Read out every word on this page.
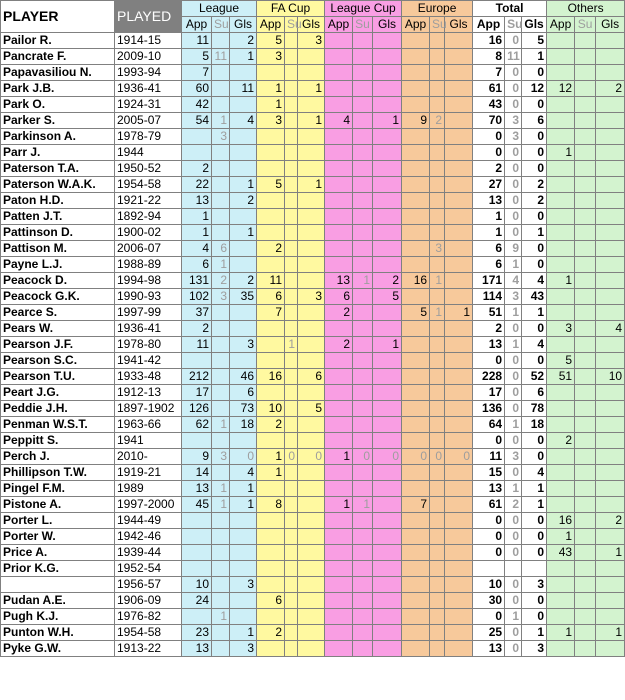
PLAYER	PLAYED	League			FA Cup			League Cup			Europe			Total			Others		
		App	Su	Gls	App	Su	Gls	App	Su	Gls	App	Su	Gls	App	Su	Gls	App	Su	Gls
Pailor R.	1914-15	11		2	5		3							16	0	5			
Pancrate F.	2009-10	5	11	1	3									8	11	1			
Papavasiliou N.	1993-94	7												7	0	0			
Park J.B.	1936-41	60		11	1		1							61	0	12	12		2
Park O.	1924-31	42			1									43	0	0			
Parker S.	2005-07	54	1	4	3		1	4		1	9	2		70	3	6			
Parkinson A.	1978-79		3											0	3	0			
Parr J.	1944													0	0	0	1		
Paterson T.A.	1950-52	2												2	0	0			
Paterson W.A.K.	1954-58	22		1	5		1							27	0	2			
Paton H.D.	1921-22	13		2										13	0	2			
Patten J.T.	1892-94	1												1	0	0			
Pattinson D.	1900-02	1		1										1	0	1			
Pattison M.	2006-07	4	6		2							3		6	9	0			
Payne L.J.	1988-89	6	1											6	1	0			
Peacock D.	1994-98	131	2	2	11			13	1	2	16	1		171	4	4	1		
Peacock G.K.	1990-93	102	3	35	6		3	6		5				114	3	43			
Pearce S.	1997-99	37			7			2			5	1	1	51	1	1			
Pears W.	1936-41	2												2	0	0	3		4
Pearson J.F.	1978-80	11		3		1		2		1				13	1	4			
Pearson S.C.	1941-42													0	0	0	5		
Pearson T.U.	1933-48	212		46	16		6							228	0	52	51		10
Peart J.G.	1912-13	17		6										17	0	6			
Peddie J.H.	1897-1902	126		73	10		5							136	0	78			
Penman W.S.T.	1963-66	62	1	18	2									64	1	18			
Peppitt S.	1941													0	0	0	2		
Perch J.	2010-	9	3	0	1	0	0	1	0	0	0	0	0	11	3	0			
Phillipson T.W.	1919-21	14		4	1									15	0	4			
Pingel F.M.	1989	13	1	1										13	1	1			
Pistone A.	1997-2000	45	1	1	8			1	1		7			61	2	1			
Porter L.	1944-49													0	0	0	16		2
Porter W.	1942-46													0	0	0	1		
Price A.	1939-44													0	0	0	43		1
Prior K.G.	1952-54																		
	1956-57	10		3										10	0	3			
Pudan A.E.	1906-09	24			6									30	0	0			
Pugh K.J.	1976-82		1											0	1	0			
Punton W.H.	1954-58	23		1	2									25	0	1	1		1
Pyke G.W.	1913-22	13		3										13	0	3			
